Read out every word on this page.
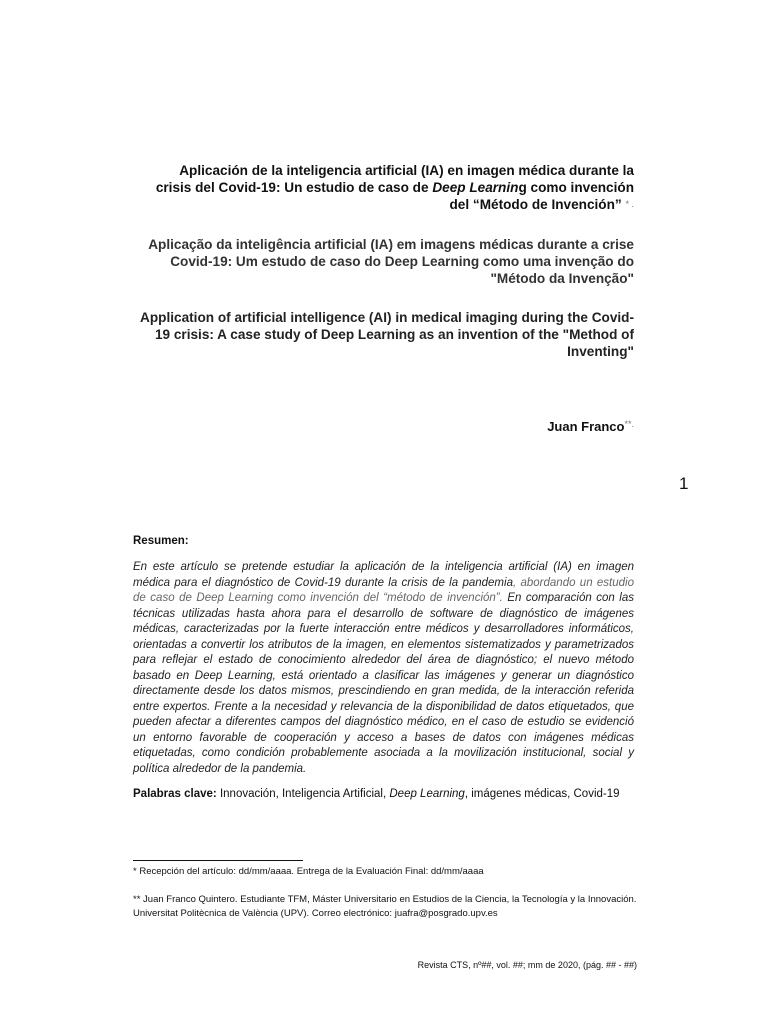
Aplicación de la inteligencia artificial (IA) en imagen médica durante la crisis del Covid-19: Un estudio de caso de Deep Learning como invención del “Método de Invención” * .
Aplicação da inteligência artificial (IA) em imagens médicas durante a crise Covid-19: Um estudo de caso do Deep Learning como uma invenção do "Método da Invenção"
Application of artificial intelligence (AI) in medical imaging during the Covid-19 crisis: A case study of Deep Learning as an invention of the "Method of Inventing"
Juan Franco**.
1
Resumen:
En este artículo se pretende estudiar la aplicación de la inteligencia artificial (IA) en imagen médica para el diagnóstico de Covid-19 durante la crisis de la pandemia, abordando un estudio de caso de Deep Learning como invención del “método de invención”. En comparación con las técnicas utilizadas hasta ahora para el desarrollo de software de diagnóstico de imágenes médicas, caracterizadas por la fuerte interacción entre médicos y desarrolladores informáticos, orientadas a convertir los atributos de la imagen, en elementos sistematizados y parametrizados para reflejar el estado de conocimiento alrededor del área de diagnóstico; el nuevo método basado en Deep Learning, está orientado a clasificar las imágenes y generar un diagnóstico directamente desde los datos mismos, prescindiendo en gran medida, de la interacción referida entre expertos. Frente a la necesidad y relevancia de la disponibilidad de datos etiquetados, que pueden afectar a diferentes campos del diagnóstico médico, en el caso de estudio se evidenció un entorno favorable de cooperación y acceso a bases de datos con imágenes médicas etiquetadas, como condición probablemente asociada a la movilización institucional, social y política alrededor de la pandemia.
Palabras clave: Innovación, Inteligencia Artificial, Deep Learning, imágenes médicas, Covid-19
* Recepción del artículo: dd/mm/aaaa. Entrega de la Evaluación Final: dd/mm/aaaa
** Juan Franco Quintero. Estudiante TFM, Máster Universitario en Estudios de la Ciencia, la Tecnología y la Innovación. Universitat Politècnica de València (UPV). Correo electrónico: juafra@posgrado.upv.es
Revista CTS, nº##, vol. ##; mm de 2020, (pág. ## - ##)
